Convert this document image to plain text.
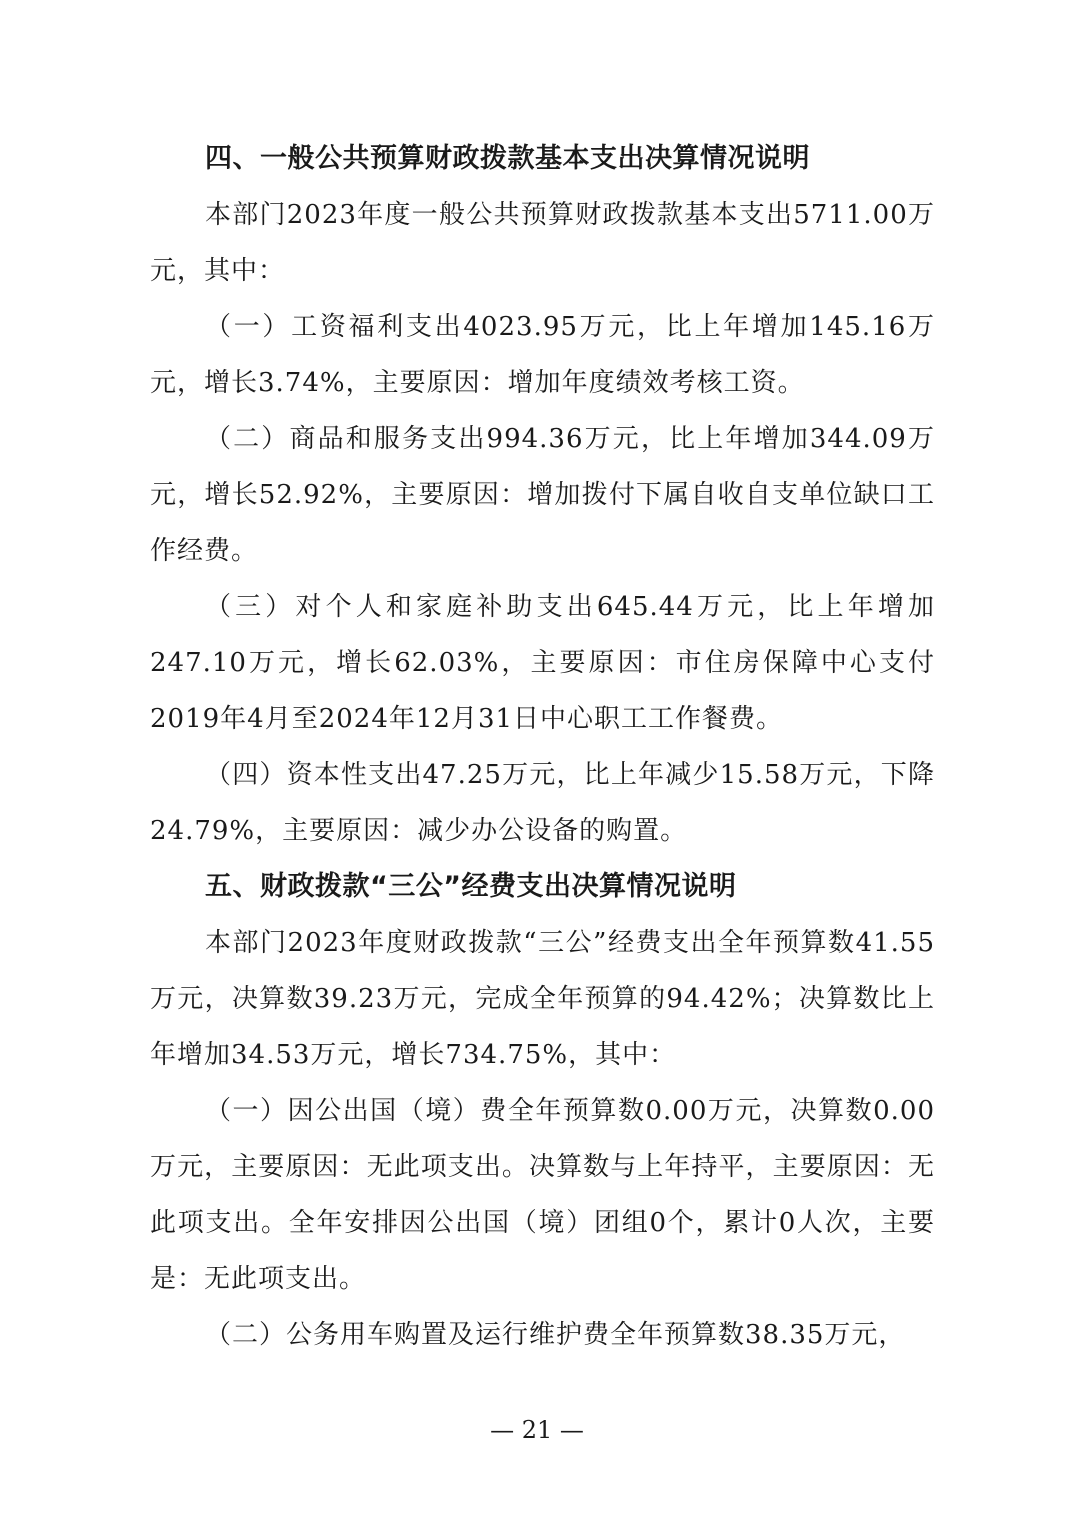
四、一般公共预算财政拨款基本支出决算情况说明

本部门2023年度一般公共预算财政拨款基本支出5711.00万元，其中：

（一）工资福利支出4023.95万元，比上年增加145.16万元，增长3.74%，主要原因：增加年度绩效考核工资。

（二）商品和服务支出994.36万元，比上年增加344.09万元，增长52.92%，主要原因：增加拨付下属自收自支单位缺口工作经费。

（三）对个人和家庭补助支出645.44万元，比上年增加247.10万元，增长62.03%，主要原因：市住房保障中心支付2019年4月至2024年12月31日中心职工工作餐费。

（四）资本性支出47.25万元，比上年减少15.58万元，下降24.79%，主要原因：减少办公设备的购置。

五、财政拨款“三公”经费支出决算情况说明

本部门2023年度财政拨款“三公”经费支出全年预算数41.55万元，决算数39.23万元，完成全年预算的94.42%；决算数比上年增加34.53万元，增长734.75%，其中：

（一）因公出国（境）费全年预算数0.00万元，决算数0.00万元，主要原因：无此项支出。决算数与上年持平，主要原因：无此项支出。全年安排因公出国（境）团组0个，累计0人次，主要是：无此项支出。

（二）公务用车购置及运行维护费全年预算数38.35万元，

— 21 —
